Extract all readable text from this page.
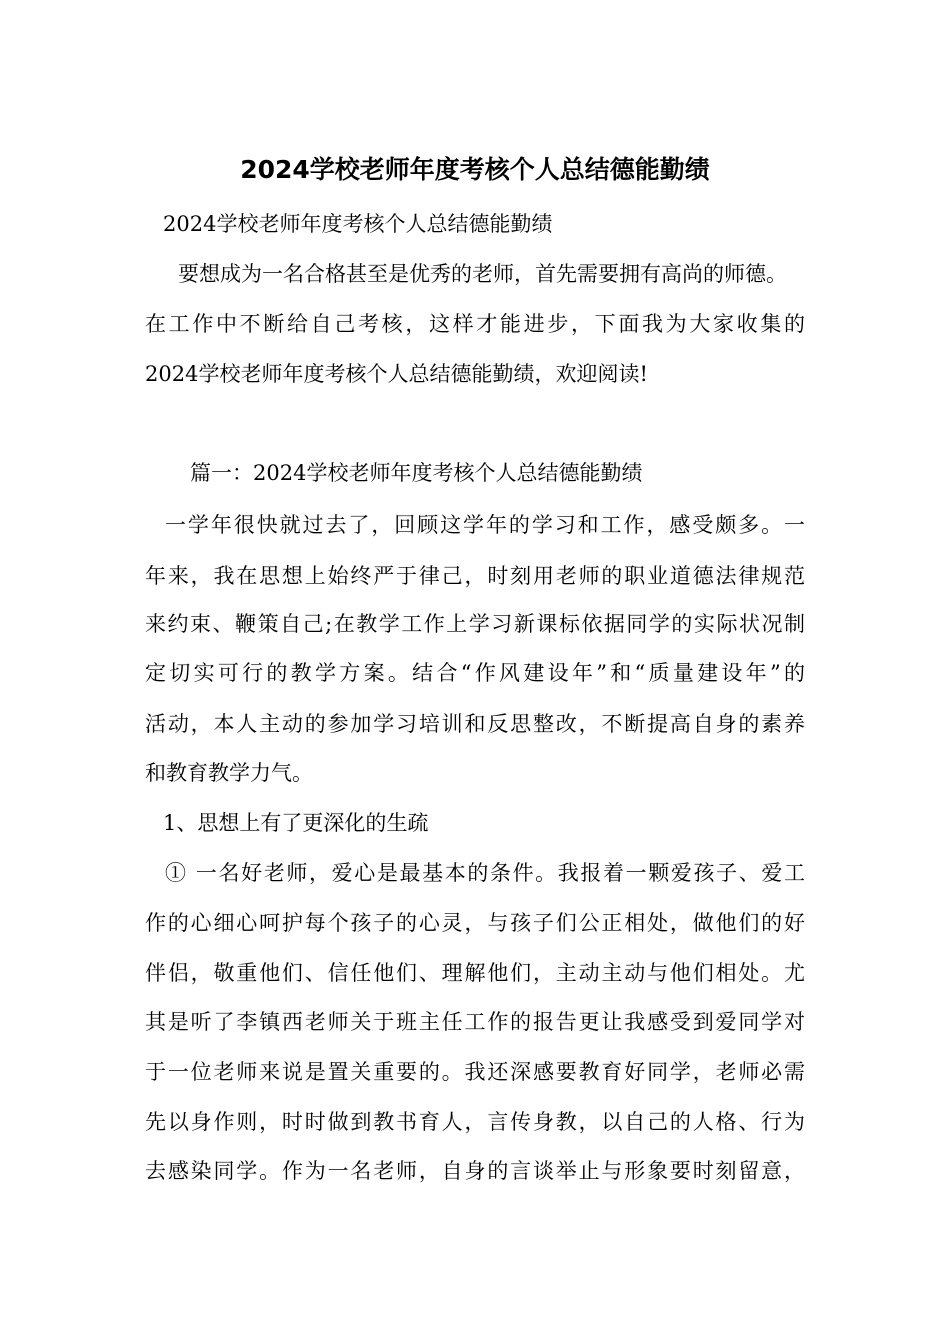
2024学校老师年度考核个人总结德能勤绩
2024学校老师年度考核个人总结德能勤绩
要想成为一名合格甚至是优秀的老师，首先需要拥有高尚的师德。
在工作中不断给自己考核，这样才能进步，下面我为大家收集的
2024学校老师年度考核个人总结德能勤绩，欢迎阅读!
篇一：2024学校老师年度考核个人总结德能勤绩
一学年很快就过去了，回顾这学年的学习和工作，感受颇多。一
年来，我在思想上始终严于律己，时刻用老师的职业道德法律规范
来约束、鞭策自己;在教学工作上学习新课标依据同学的实际状况制
定切实可行的教学方案。结合“作风建设年”和“质量建设年”的
活动，本人主动的参加学习培训和反思整改，不断提高自身的素养
和教育教学力气。
1、思想上有了更深化的生疏
① 一名好老师，爱心是最基本的条件。我报着一颗爱孩子、爱工
作的心细心呵护每个孩子的心灵，与孩子们公正相处，做他们的好
伴侣，敬重他们、信任他们、理解他们，主动主动与他们相处。尤
其是听了李镇西老师关于班主任工作的报告更让我感受到爱同学对
于一位老师来说是置关重要的。我还深感要教育好同学，老师必需
先以身作则，时时做到教书育人，言传身教，以自己的人格、行为
去感染同学。作为一名老师，自身的言谈举止与形象要时刻留意，
